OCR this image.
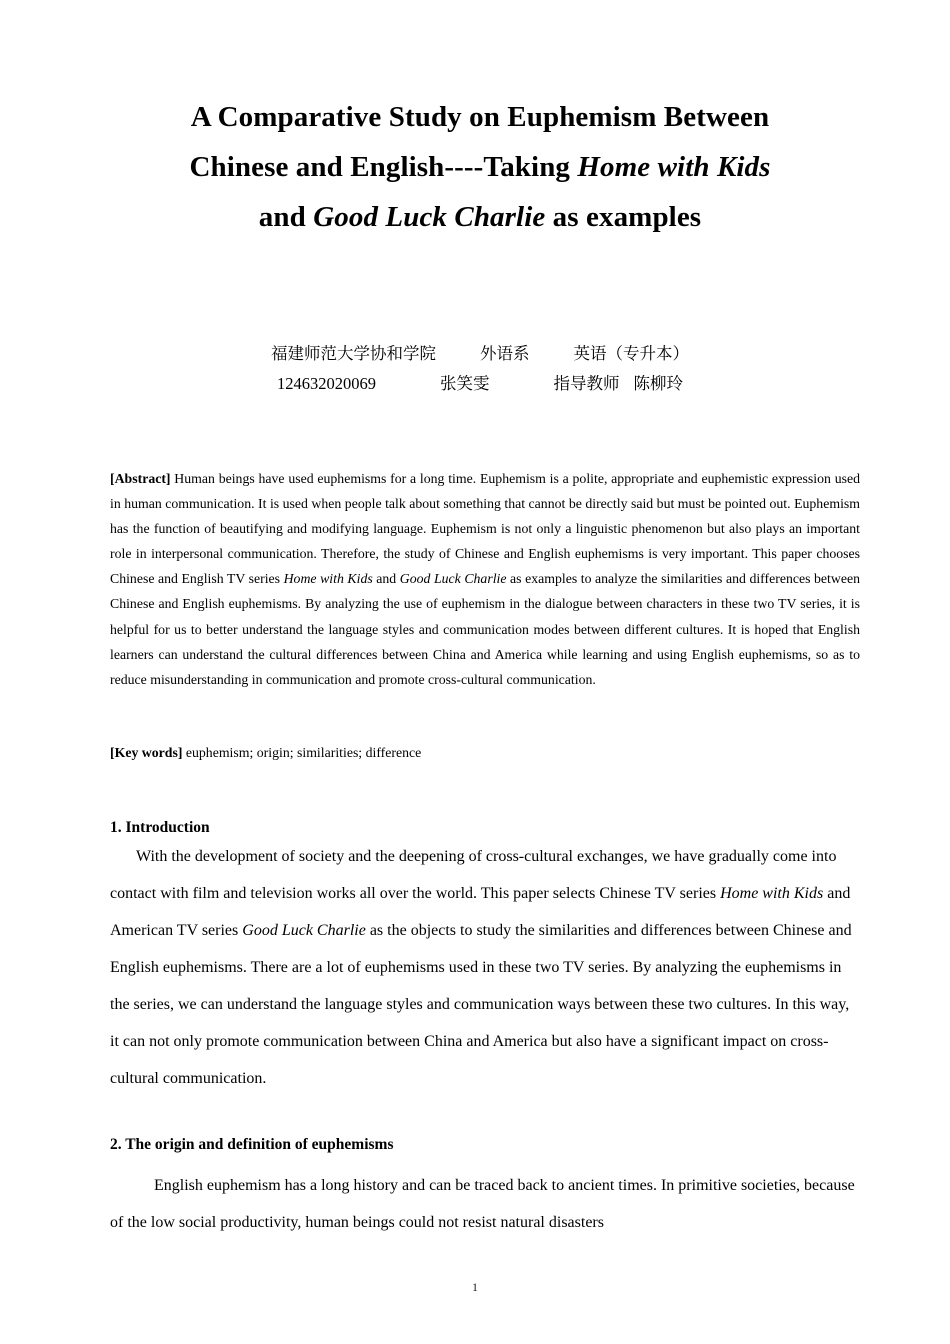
A Comparative Study on Euphemism Between
Chinese and English----Taking Home with Kids
and Good Luck Charlie as examples
福建师范大学协和学院	外语系	英语（专升本）
124632020069	张笑雯	指导教师 陈柳玲
[Abstract] Human beings have used euphemisms for a long time. Euphemism is a polite, appropriate and euphemistic expression used in human communication. It is used when people talk about something that cannot be directly said but must be pointed out. Euphemism has the function of beautifying and modifying language. Euphemism is not only a linguistic phenomenon but also plays an important role in interpersonal communication. Therefore, the study of Chinese and English euphemisms is very important. This paper chooses Chinese and English TV series Home with Kids and Good Luck Charlie as examples to analyze the similarities and differences between Chinese and English euphemisms. By analyzing the use of euphemism in the dialogue between characters in these two TV series, it is helpful for us to better understand the language styles and communication modes between different cultures. It is hoped that English learners can understand the cultural differences between China and America while learning and using English euphemisms, so as to reduce misunderstanding in communication and promote cross-cultural communication.
[Key words] euphemism; origin; similarities; difference
1. Introduction
With the development of society and the deepening of cross-cultural exchanges, we have gradually come into contact with film and television works all over the world. This paper selects Chinese TV series Home with Kids and American TV series Good Luck Charlie as the objects to study the similarities and differences between Chinese and English euphemisms. There are a lot of euphemisms used in these two TV series. By analyzing the euphemisms in the series, we can understand the language styles and communication ways between these two cultures. In this way, it can not only promote communication between China and America but also have a significant impact on cross-cultural communication.
2. The origin and definition of euphemisms
English euphemism has a long history and can be traced back to ancient times. In primitive societies, because of the low social productivity, human beings could not resist natural disasters
1
